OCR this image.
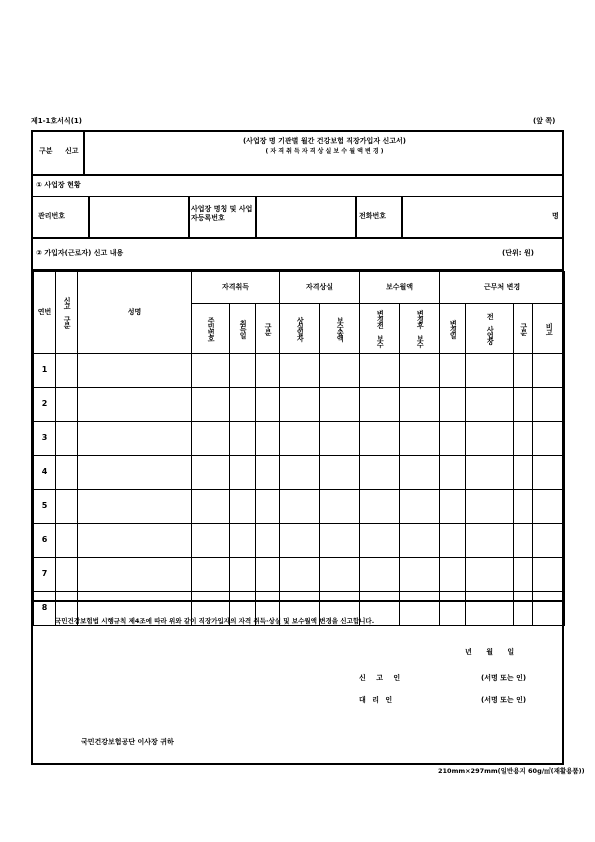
제1-1호서식(1)	(앞 쪽)
구분 신고
(사업장 명 기관별 월간 건강보험 직장가입자 신고서)
( 자 격 취 득 자 격 상 실 보 수 월 액 변 경 )
① 사업장 현황
관리번호
사업장 명칭 및 사업자등록번호	전화번호	명
② 가입자(근로자) 신고 내용	(단위: 원)
연번	신고 구분	성명	자격취득			자격상실		보수월액		근무처 변경			

			주민번호	취득일	구분	상실일자	보수총액	변경전 보수	변경후 보수	변경일	전 사업장	구분	비고

1													
2													
3													
4													
5													
6													
7													
8													
국민건강보험법 시행규칙 제4조에 따라 위와 같이 직장가입자의 자격 취득·상실 및 보수월액 변경을 신고합니다.
년 월 일
신 고 인	(서명 또는 인)
대 리 인	(서명 또는 인)
국민건강보험공단 이사장 귀하
210mm×297mm(일반용지 60g/㎡(재활용품))
